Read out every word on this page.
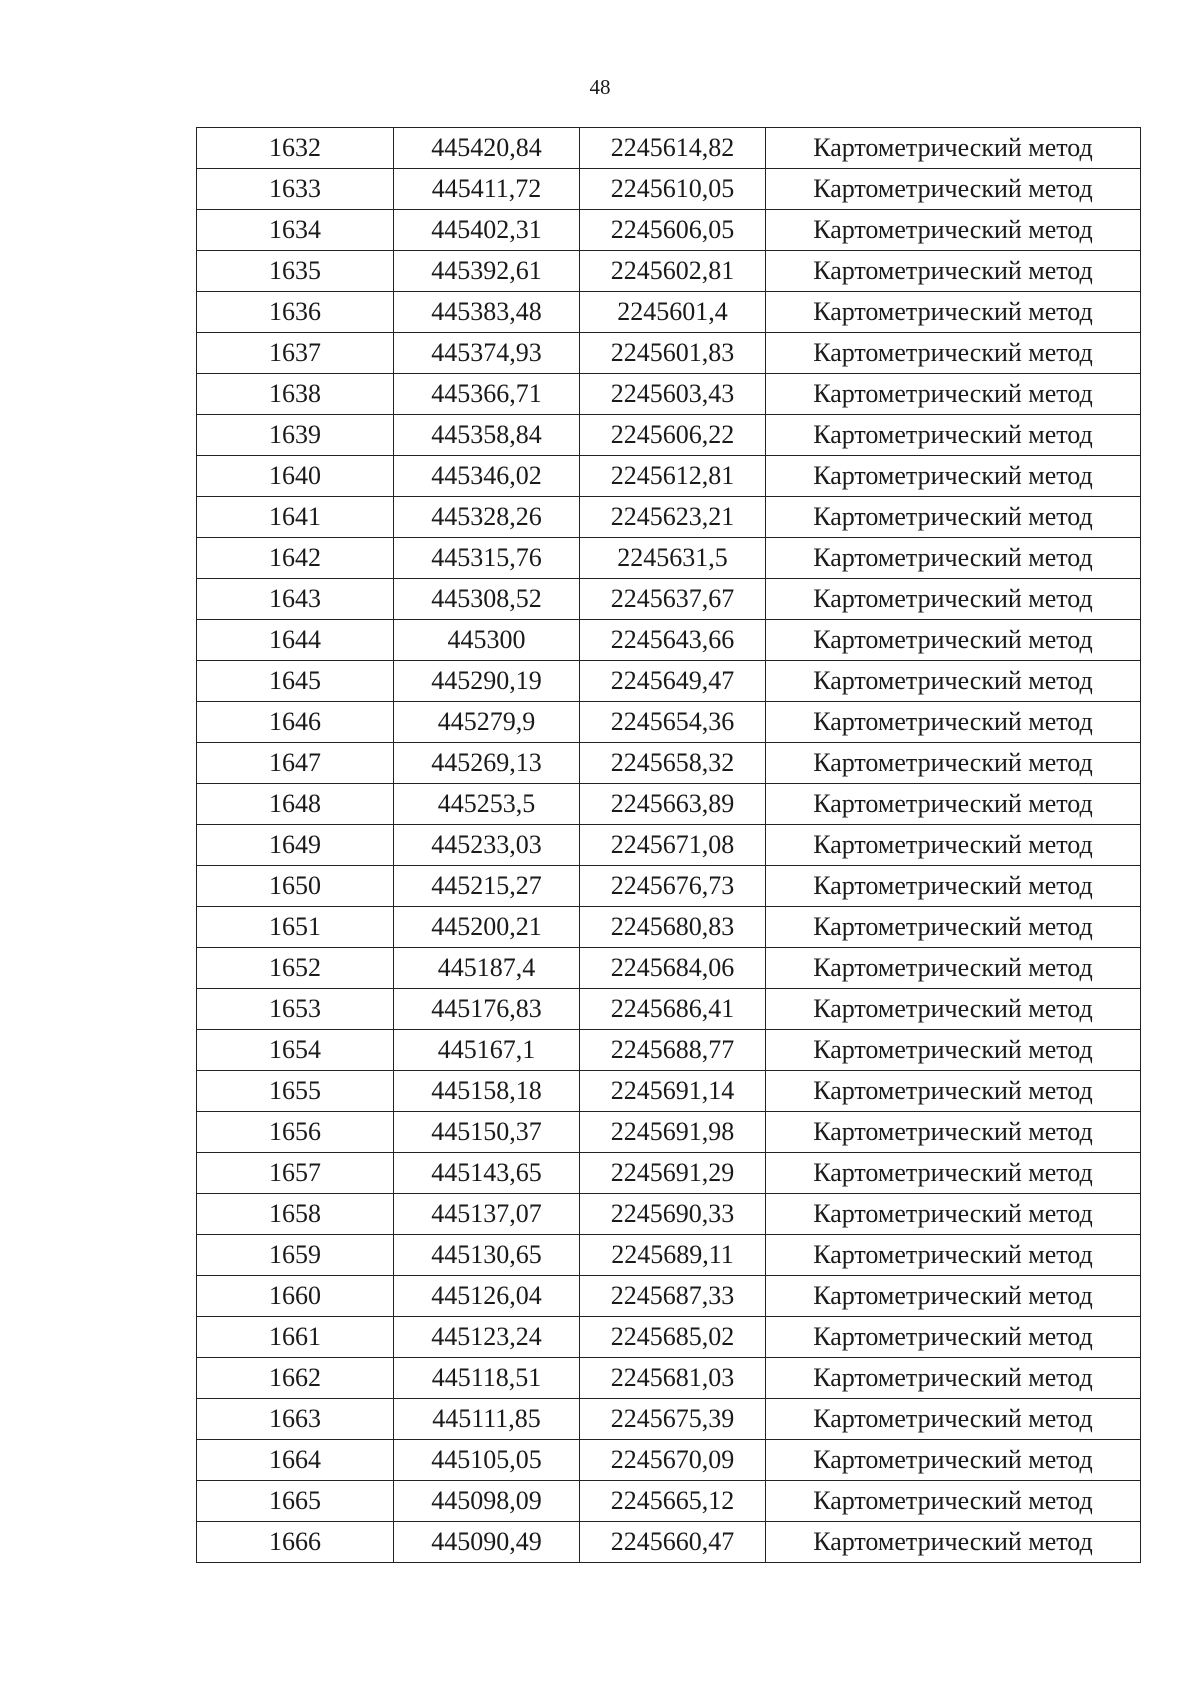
48
1632	445420,84	2245614,82	Картометрический метод
1633	445411,72	2245610,05	Картометрический метод
1634	445402,31	2245606,05	Картометрический метод
1635	445392,61	2245602,81	Картометрический метод
1636	445383,48	2245601,4	Картометрический метод
1637	445374,93	2245601,83	Картометрический метод
1638	445366,71	2245603,43	Картометрический метод
1639	445358,84	2245606,22	Картометрический метод
1640	445346,02	2245612,81	Картометрический метод
1641	445328,26	2245623,21	Картометрический метод
1642	445315,76	2245631,5	Картометрический метод
1643	445308,52	2245637,67	Картометрический метод
1644	445300	2245643,66	Картометрический метод
1645	445290,19	2245649,47	Картометрический метод
1646	445279,9	2245654,36	Картометрический метод
1647	445269,13	2245658,32	Картометрический метод
1648	445253,5	2245663,89	Картометрический метод
1649	445233,03	2245671,08	Картометрический метод
1650	445215,27	2245676,73	Картометрический метод
1651	445200,21	2245680,83	Картометрический метод
1652	445187,4	2245684,06	Картометрический метод
1653	445176,83	2245686,41	Картометрический метод
1654	445167,1	2245688,77	Картометрический метод
1655	445158,18	2245691,14	Картометрический метод
1656	445150,37	2245691,98	Картометрический метод
1657	445143,65	2245691,29	Картометрический метод
1658	445137,07	2245690,33	Картометрический метод
1659	445130,65	2245689,11	Картометрический метод
1660	445126,04	2245687,33	Картометрический метод
1661	445123,24	2245685,02	Картометрический метод
1662	445118,51	2245681,03	Картометрический метод
1663	445111,85	2245675,39	Картометрический метод
1664	445105,05	2245670,09	Картометрический метод
1665	445098,09	2245665,12	Картометрический метод
1666	445090,49	2245660,47	Картометрический метод
